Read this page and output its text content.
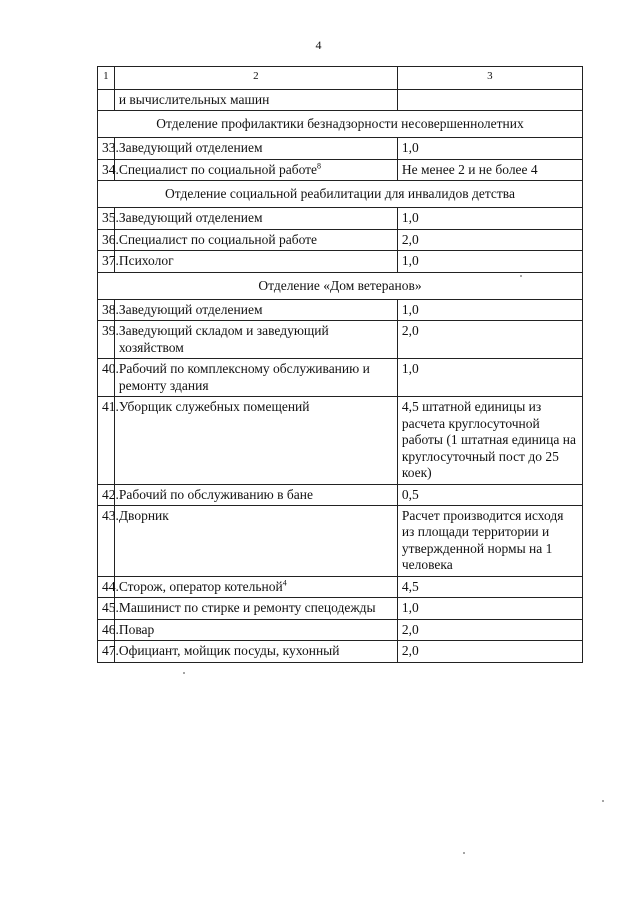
4
1	2	3
	и вычислительных машин	
Отделение профилактики безнадзорности несовершеннолетних		
33.	Заведующий отделением	1,0
34.	Специалист по социальной работе$^8$	Не менее 2 и не более 4
Отделение социальной реабилитации для инвалидов детства		
35.	Заведующий отделением	1,0
36.	Специалист по социальной работе	2,0
37.	Психолог	1,0
Отделение «Дом ветеранов»		
38.	Заведующий отделением	1,0
39.	Заведующий складом и заведующий хозяйством	2,0
40.	Рабочий по комплексному обслуживанию и ремонту здания	1,0
41.	Уборщик служебных помещений	4,5 штатной единицы из расчета круглосуточной работы (1 штатная единица на круглосуточный пост до 25 коек)
42.	Рабочий по обслуживанию в бане	0,5
43.	Дворник	Расчет производится исходя из площади территории и утвержденной нормы на 1 человека
44.	Сторож, оператор котельной$^4$	4,5
45.	Машинист по стирке и ремонту спецодежды	1,0
46.	Повар	2,0
47.	Официант, мойщик посуды, кухонный	2,0
